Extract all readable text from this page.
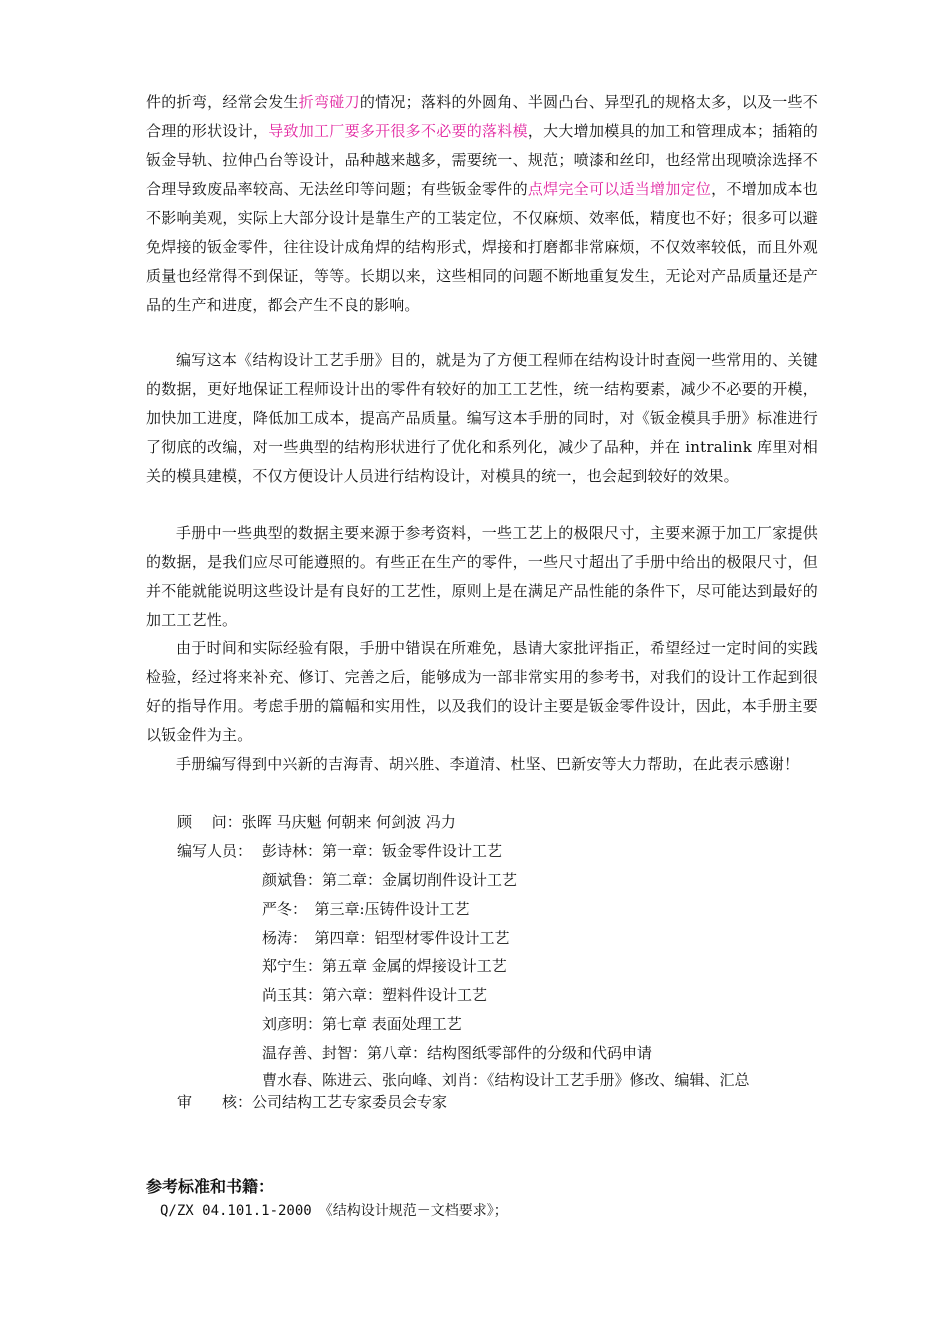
件的折弯，经常会发生折弯碰刀的情况；落料的外圆角、半圆凸台、异型孔的规格太多，以及一些不合理的形状设计，导致加工厂要多开很多不必要的落料模，大大增加模具的加工和管理成本；插箱的钣金导轨、拉伸凸台等设计，品种越来越多，需要统一、规范；喷漆和丝印，也经常出现喷涂选择不合理导致废品率较高、无法丝印等问题；有些钣金零件的点焊完全可以适当增加定位，不增加成本也不影响美观，实际上大部分设计是靠生产的工装定位，不仅麻烦、效率低，精度也不好；很多可以避免焊接的钣金零件，往往设计成角焊的结构形式，焊接和打磨都非常麻烦，不仅效率较低，而且外观质量也经常得不到保证，等等。长期以来，这些相同的问题不断地重复发生，无论对产品质量还是产品的生产和进度，都会产生不良的影响。

编写这本《结构设计工艺手册》目的，就是为了方便工程师在结构设计时查阅一些常用的、关键的数据，更好地保证工程师设计出的零件有较好的加工工艺性，统一结构要素，减少不必要的开模，加快加工进度，降低加工成本，提高产品质量。编写这本手册的同时，对《钣金模具手册》标准进行了彻底的改编，对一些典型的结构形状进行了优化和系列化，减少了品种，并在 intralink 库里对相关的模具建模，不仅方便设计人员进行结构设计，对模具的统一，也会起到较好的效果。

手册中一些典型的数据主要来源于参考资料，一些工艺上的极限尺寸，主要来源于加工厂家提供的数据，是我们应尽可能遵照的。有些正在生产的零件，一些尺寸超出了手册中给出的极限尺寸，但并不能就能说明这些设计是有良好的工艺性，原则上是在满足产品性能的条件下，尽可能达到最好的加工工艺性。

由于时间和实际经验有限，手册中错误在所难免，恳请大家批评指正，希望经过一定时间的实践检验，经过将来补充、修订、完善之后，能够成为一部非常实用的参考书，对我们的设计工作起到很好的指导作用。考虑手册的篇幅和实用性，以及我们的设计主要是钣金零件设计，因此，本手册主要以钣金件为主。

手册编写得到中兴新的吉海青、胡兴胜、李道清、杜坚、巴新安等大力帮助，在此表示感谢！

顾　 问：张晖 马庆魁 何朝来 何剑波 冯力
编写人员： 彭诗林：第一章：钣金零件设计工艺
颜斌鲁：第二章：金属切削件设计工艺
严冬：　第三章:压铸件设计工艺
杨涛：　第四章：铝型材零件设计工艺
郑宁生：第五章 金属的焊接设计工艺
尚玉其：第六章：塑料件设计工艺
刘彦明：第七章 表面处理工艺
温存善、封智：第八章：结构图纸零部件的分级和代码申请
曹水春、陈进云、张向峰、刘肖：《结构设计工艺手册》修改、编辑、汇总
审　　核：公司结构工艺专家委员会专家
参考标准和书籍：
Q/ZX 04.101.1-2000　《结构设计规范－文档要求》；
